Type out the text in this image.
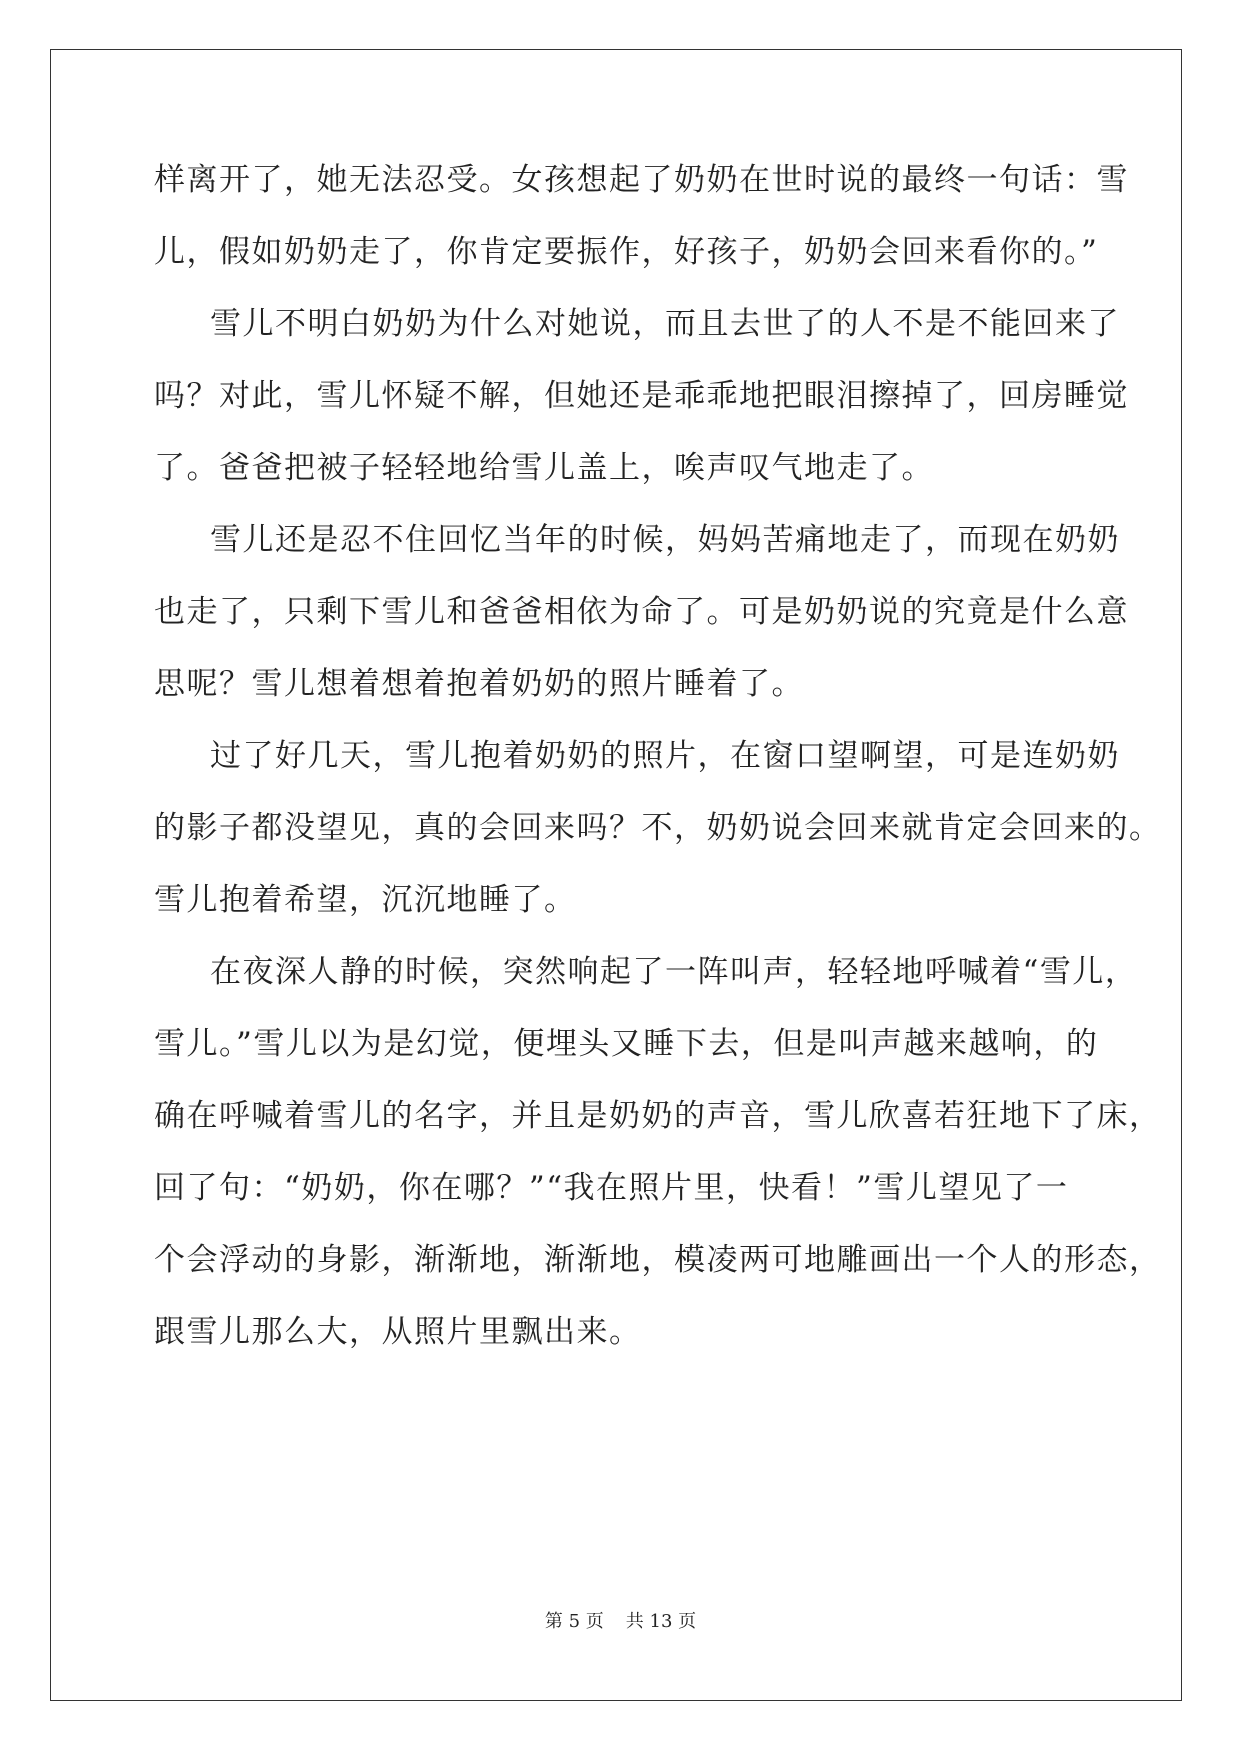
样离开了，她无法忍受。女孩想起了奶奶在世时说的最终一句话：雪
儿，假如奶奶走了，你肯定要振作，好孩子，奶奶会回来看你的。”
雪儿不明白奶奶为什么对她说，而且去世了的人不是不能回来了
吗？对此，雪儿怀疑不解，但她还是乖乖地把眼泪擦掉了，回房睡觉
了。爸爸把被子轻轻地给雪儿盖上，唉声叹气地走了。
雪儿还是忍不住回忆当年的时候，妈妈苦痛地走了，而现在奶奶
也走了，只剩下雪儿和爸爸相依为命了。可是奶奶说的究竟是什么意
思呢？雪儿想着想着抱着奶奶的照片睡着了。
过了好几天，雪儿抱着奶奶的照片，在窗口望啊望，可是连奶奶
的影子都没望见，真的会回来吗？不，奶奶说会回来就肯定会回来的。
雪儿抱着希望，沉沉地睡了。
在夜深人静的时候，突然响起了一阵叫声，轻轻地呼喊着“雪儿，
雪儿。”雪儿以为是幻觉，便埋头又睡下去，但是叫声越来越响，的
确在呼喊着雪儿的名字，并且是奶奶的声音，雪儿欣喜若狂地下了床，
回了句：“奶奶，你在哪？”“我在照片里，快看！”雪儿望见了一
个会浮动的身影，渐渐地，渐渐地，模凌两可地雕画出一个人的形态，
跟雪儿那么大，从照片里飘出来。
第 5 页 共 13 页
